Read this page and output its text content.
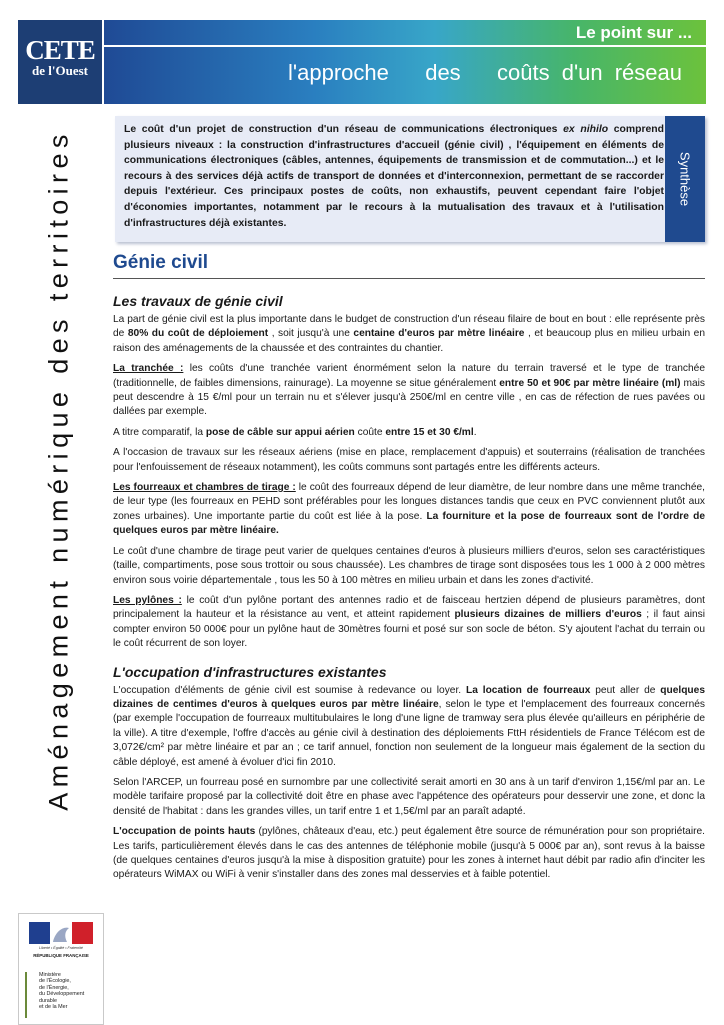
CETE
de l'Ouest
Le point sur ...
l'approche   des   coûts d'un réseau
Aménagement numérique des territoires	Le coût d'un projet de construction d'un réseau de communications électroniques ex nihilo comprend plusieurs niveaux : la construction d'infrastructures d'accueil (génie civil) , l'équipement en éléments de communications électroniques (câbles, antennes, équipements de transmission et de commutation...) et le recours à des services déjà actifs de transport de données et d'interconnexion, permettant de se raccorder depuis l'extérieur. Ces principaux postes de coûts, non exhaustifs, peuvent cependant faire l'objet d'économies importantes, notamment par le recours à la mutualisation des travaux et à l'utilisation d'infrastructures déjà existantes.
Synthèse
Génie civil
Les travaux de génie civil

La part de génie civil est la plus importante dans le budget de construction d'un réseau filaire de bout en bout : elle représente près de 80% du coût de déploiement , soit jusqu'à une centaine d'euros par mètre linéaire , et beaucoup plus en milieu urbain en raison des aménagements de la chaussée et des contraintes du chantier.

La tranchée : les coûts d'une tranchée varient énormément selon la nature du terrain traversé et le type de tranchée (traditionnelle, de faibles dimensions, rainurage). La moyenne se situe généralement entre 50 et 90€ par mètre linéaire (ml) mais peut descendre à 15 €/ml pour un terrain nu et s'élever jusqu'à 250€/ml en centre ville , en cas de réfection de rues pavées ou dallées par exemple.

A titre comparatif, la pose de câble sur appui aérien coûte entre 15 et 30 €/ml.

A l'occasion de travaux sur les réseaux aériens (mise en place, remplacement d'appuis) et souterrains (réalisation de tranchées pour l'enfouissement de réseaux notamment), les coûts communs sont partagés entre les différents acteurs.

Les fourreaux et chambres de tirage : le coût des fourreaux dépend de leur diamètre, de leur nombre dans une même tranchée, de leur type (les fourreaux en PEHD sont préférables pour les longues distances tandis que ceux en PVC conviennent plutôt aux zones urbaines). Une importante partie du coût est liée à la pose. La fourniture et la pose de fourreaux sont de l'ordre de quelques euros par mètre linéaire.

Le coût d'une chambre de tirage peut varier de quelques centaines d'euros à plusieurs milliers d'euros, selon ses caractéristiques (taille, compartiments, pose sous trottoir ou sous chaussée). Les chambres de tirage sont disposées tous les 1 000 à 2 000 mètres environ sous voirie départementale , tous les 50 à 100 mètres en milieu urbain et dans les zones d'activité.

Les pylônes : le coût d'un pylône portant des antennes radio et de faisceau hertzien dépend de plusieurs paramètres, dont principalement la hauteur et la résistance au vent, et atteint rapidement plusieurs dizaines de milliers d'euros ; il faut ainsi compter environ 50 000€ pour un pylône haut de 30mètres fourni et posé sur son socle de béton. S'y ajoutent l'achat du terrain ou le coût récurrent de son loyer.

L'occupation d'infrastructures existantes

L'occupation d'éléments de génie civil est soumise à redevance ou loyer. La location de fourreaux peut aller de quelques dizaines de centimes d'euros à quelques euros par mètre linéaire, selon le type et l'emplacement des fourreaux concernés (par exemple l'occupation de fourreaux multitubulaires le long d'une ligne de tramway sera plus élevée qu'ailleurs en périphérie de la ville). A titre d'exemple, l'offre d'accès au génie civil à destination des déploiements FttH résidentiels de France Télécom est de 3,072€/cm² par mètre linéaire et par an ; ce tarif annuel, fonction non seulement de la longueur mais également de la section du câble déployé, est amené à évoluer d'ici fin 2010.

Selon l'ARCEP, un fourreau posé en surnombre par une collectivité serait amorti en 30 ans à un tarif d'environ 1,15€/ml par an. Le modèle tarifaire proposé par la collectivité doit être en phase avec l'appétence des opérateurs pour desservir une zone, et donc la densité de l'habitat : dans les grandes villes, un tarif entre 1 et 1,5€/ml par an paraît adapté.

L'occupation de points hauts (pylônes, châteaux d'eau, etc.) peut également être source de rémunération pour son propriétaire. Les tarifs, particulièrement élevés dans le cas des antennes de téléphonie mobile (jusqu'à 5 000€ par an), sont revus à la baisse (de quelques centaines d'euros jusqu'à la mise à disposition gratuite) pour les zones à internet haut débit par radio afin d'inciter les opérateurs WiMAX ou WiFi à venir s'installer dans des zones mal desservies et à faible potentiel.

Liberté • Égalité • Fraternité
RÉPUBLIQUE FRANÇAISE
Ministère
de l'Écologie,
de l'Énergie,
du Développement
durable
et de la Mer
